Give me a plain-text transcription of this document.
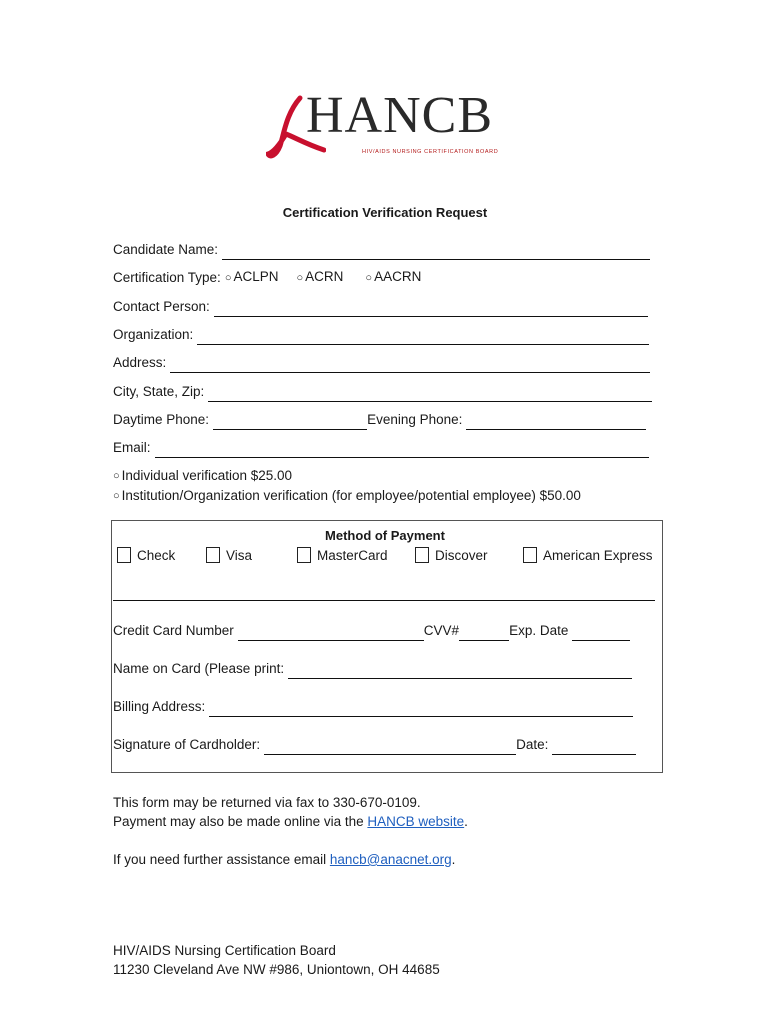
HANCB
HIV/AIDS NURSING CERTIFICATION BOARD
Certification Verification Request
Candidate Name:
Certification Type: ○ ACLPN ○ ACRN ○ AACRN
Contact Person:
Organization:
Address:
City, State, Zip:
Daytime Phone:	Evening Phone:
Email:
○ Individual verification $25.00
○ Institution/Organization verification (for employee/potential employee) $50.00
Method of Payment
Check	Visa	MasterCard	Discover	American Express
Credit Card Number	CVV#	Exp. Date
Name on Card (Please print:
Billing Address:
Signature of Cardholder:	Date:
This form may be returned via fax to 330-670-0109.
Payment may also be made online via the HANCB website.
If you need further assistance email hancb@anacnet.org.
HIV/AIDS Nursing Certification Board
11230 Cleveland Ave NW #986, Uniontown, OH 44685
